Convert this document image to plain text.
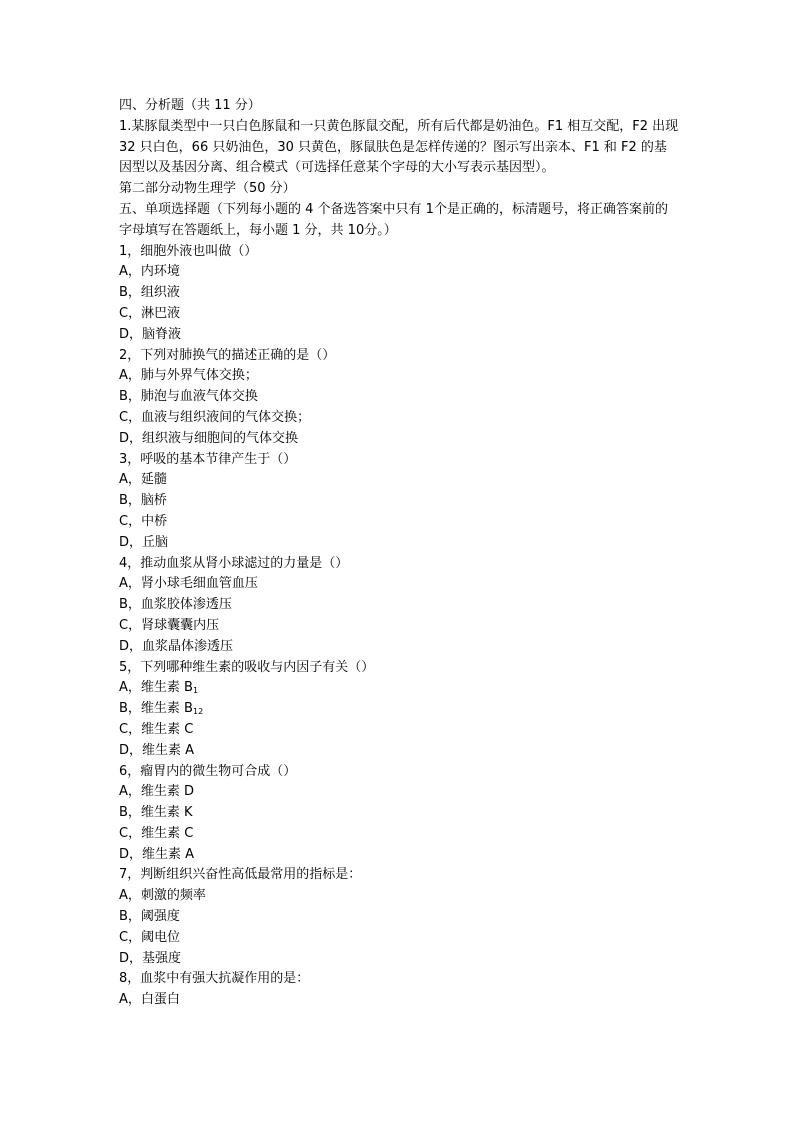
四、分析题（共 11 分）
1.某豚鼠类型中一只白色豚鼠和一只黄色豚鼠交配，所有后代都是奶油色。F1 相互交配，F2 出现 32 只白色，66 只奶油色，30 只黄色，豚鼠肤色是怎样传递的？图示写出亲本、F1 和 F2 的基因型以及基因分离、组合模式（可选择任意某个字母的大小写表示基因型）。
第二部分动物生理学（50 分）
五、单项选择题（下列每小题的 4 个备选答案中只有 1个是正确的，标清题号，将正确答案前的字母填写在答题纸上，每小题 1 分，共 10分。）
1，细胞外液也叫做（）
A，内环境
B，组织液
C，淋巴液
D，脑脊液
2，下列对肺换气的描述正确的是（）
A，肺与外界气体交换；
B，肺泡与血液气体交换
C，血液与组织液间的气体交换；
D，组织液与细胞间的气体交换
3，呼吸的基本节律产生于（）
A，延髓
B，脑桥
C，中桥
D，丘脑
4，推动血浆从肾小球滤过的力量是（）
A，肾小球毛细血管血压
B，血浆胶体渗透压
C，肾球囊囊内压
D，血浆晶体渗透压
5，下列哪种维生素的吸收与内因子有关（）
A，维生素 $B_1$
B，维生素 $B_{12}$
C，维生素 C
D，维生素 A
6，瘤胃内的微生物可合成（）
A，维生素 D
B，维生素 K
C，维生素 C
D，维生素 A
7，判断组织兴奋性高低最常用的指标是：
A，刺激的频率
B，阈强度
C，阈电位
D，基强度
8，血浆中有强大抗凝作用的是：
A，白蛋白
